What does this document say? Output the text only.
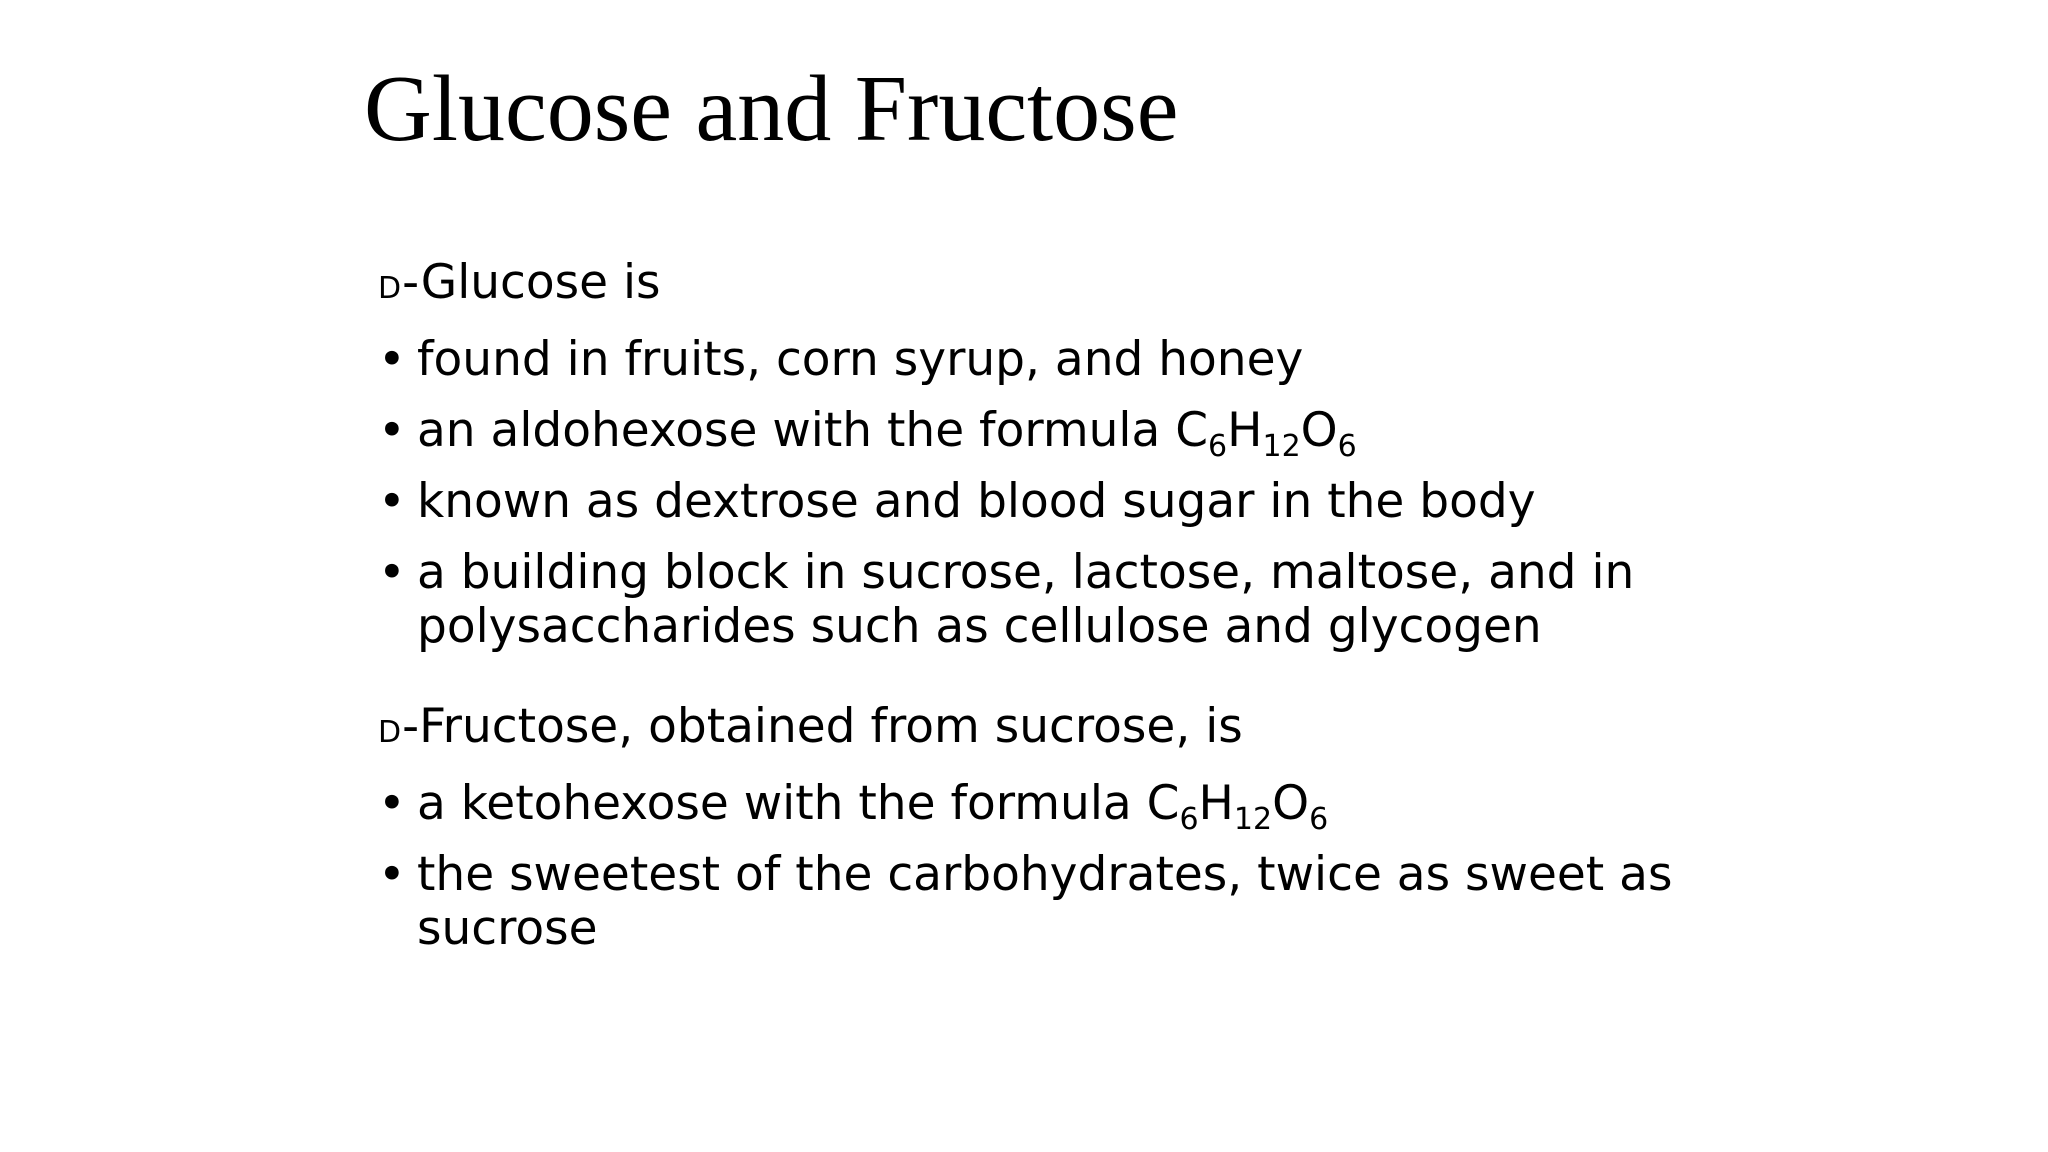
Glucose and Fructose

D-Glucose is

• found in fruits, corn syrup, and honey
• an aldohexose with the formula $C_6H_{12}O_6$
• known as dextrose and blood sugar in the body
• a building block in sucrose, lactose, maltose, and in polysaccharides such as cellulose and glycogen

D-Fructose, obtained from sucrose, is

• a ketohexose with the formula $C_6H_{12}O_6$
• the sweetest of the carbohydrates, twice as sweet as sucrose
